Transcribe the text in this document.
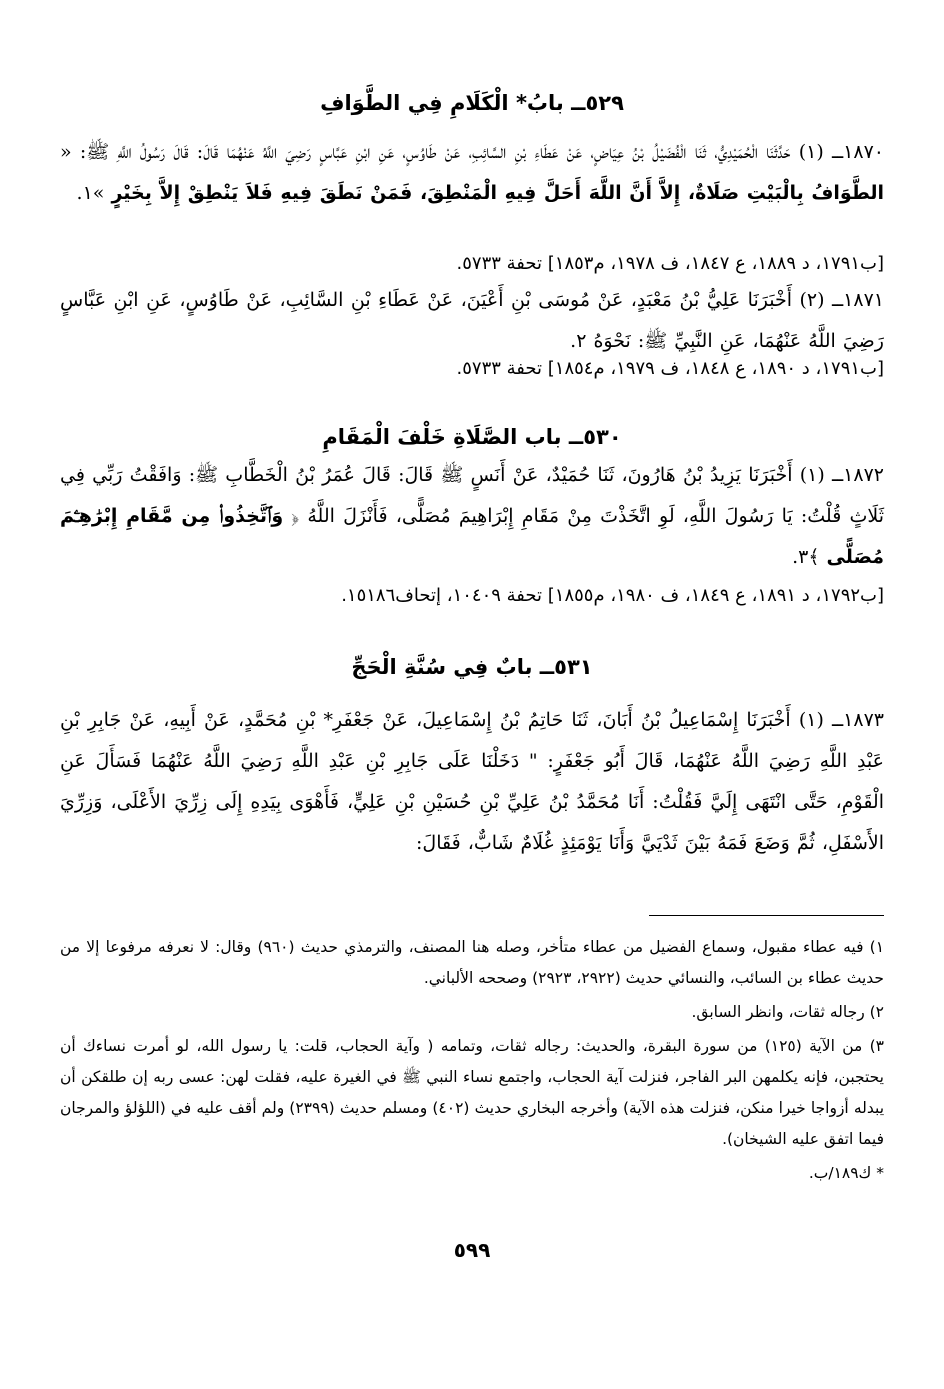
٥٢٩ــ بابُ* الْكَلَامِ فِي الطَّوَافِ
١٨٧٠ــ (١) حَدَّثَنَا الْحُمَيْدِيُّ، ثَنَا الْفُضَيْلُ بْنُ عِيَاضٍ، عَنْ عَطَاءِ بْنِ السَّائِبِ، عَنْ طَاوُسٍ، عَنِ ابْنِ عَبَّاسٍ رَضِيَ اللَّهُ عَنْهُمَا قَالَ: قَالَ رَسُولُ اللَّهِ ﷺ: « الطَّوَافُ بِالْبَيْتِ صَلَاةٌ، إِلاَّ أَنَّ اللَّهَ أَحَلَّ فِيهِ الْمَنْطِقَ، فَمَنْ نَطَقَ فِيهِ فَلاَ يَنْطِقْ إِلاَّ بِخَيْرٍ »١.
[ب١٧٩١، د ١٨٨٩، ع ١٨٤٧، ف ١٩٧٨، م١٨٥٣] تحفة ٥٧٣٣.
١٨٧١ــ (٢) أَخْبَرَنَا عَلِيُّ بْنُ مَعْبَدٍ، عَنْ مُوسَى بْنِ أَعْيَنَ، عَنْ عَطَاءِ بْنِ السَّائِبِ، عَنْ طَاوُسٍ، عَنِ ابْنِ عَبَّاسٍ رَضِيَ اللَّهُ عَنْهُمَا، عَنِ النَّبِيِّ ﷺ: نَحْوَهُ ٢.
[ب١٧٩١، د ١٨٩٠، ع ١٨٤٨، ف ١٩٧٩، م١٨٥٤] تحفة ٥٧٣٣.
٥٣٠ــ باب الصَّلَاةِ خَلْفَ الْمَقَامِ
١٨٧٢ــ (١) أَخْبَرَنَا يَزِيدُ بْنُ هَارُونَ، ثَنَا حُمَيْدٌ، عَنْ أَنَسٍ ﷺ قَالَ: قَالَ عُمَرُ بْنُ الْخَطَّابِ ﷺ: وَافَقْتُ رَبِّي فِي ثَلَاثٍ قُلْتُ: يَا رَسُولَ اللَّهِ، لَوِ اتَّخَذْتَ مِنْ مَقَامِ إِبْرَاهِيمَ مُصَلًّى، فَأَنْزَلَ اللَّهُ ﴿ وَٱتَّخِذُوا۟ مِن مَّقَامِ إِبْرَٰهِـۧمَ مُصَلًّى ﴾٣.
[ب١٧٩٢، د ١٨٩١، ع ١٨٤٩، ف ١٩٨٠، م١٨٥٥] تحفة ١٠٤٠٩، إتحاف١٥١٨٦.
٥٣١ــ بابٌ فِي سُنَّةِ الْحَجِّ
١٨٧٣ــ (١) أَخْبَرَنَا إِسْمَاعِيلُ بْنُ أَبَانَ، ثَنَا حَاتِمُ بْنُ إِسْمَاعِيلَ، عَنْ جَعْفَرِ* بْنِ مُحَمَّدٍ، عَنْ أَبِيهِ، عَنْ جَابِرِ بْنِ عَبْدِ اللَّهِ رَضِيَ اللَّهُ عَنْهُمَا، قَالَ أَبُو جَعْفَرٍ: " دَخَلْنَا عَلَى جَابِرِ بْنِ عَبْدِ اللَّهِ رَضِيَ اللَّهُ عَنْهُمَا فَسَأَلَ عَنِ الْقَوْمِ، حَتَّى انْتَهَى إِلَيَّ فَقُلْتُ: أَنَا مُحَمَّدُ بْنُ عَلِيِّ بْنِ حُسَيْنِ بْنِ عَلِيٍّ، فَأَهْوَى بِيَدِهِ إِلَى زِرِّيَ الأَعْلَى، وَزِرِّيَ الأَسْفَلِ، ثُمَّ وَضَعَ فَمَهُ بَيْنَ ثَدْيَيَّ وَأَنَا يَوْمَئِذٍ غُلَامٌ شَابٌّ، فَقَالَ:

١) فيه عطاء مقبول، وسماع الفضيل من عطاء متأخر، وصله هنا المصنف، والترمذي حديث (٩٦٠) وقال: لا نعرفه مرفوعا إلا من حديث عطاء بن السائب، والنسائي حديث (٢٩٢٢، ٢٩٢٣) وصححه الألباني.

٢) رجاله ثقات، وانظر السابق.

٣) من الآية (١٢٥) من سورة البقرة، والحديث: رجاله ثقات، وتمامه ( وآية الحجاب، قلت: يا رسول الله، لو أمرت نساءك أن يحتجبن، فإنه يكلمهن البر الفاجر، فنزلت آية الحجاب، واجتمع نساء النبي ﷺ في الغيرة عليه، فقلت لهن: عسى ربه إن طلقكن أن يبدله أزواجا خيرا منكن، فنزلت هذه الآية) وأخرجه البخاري حديث (٤٠٢) ومسلم حديث (٢٣٩٩) ولم أقف عليه في (اللؤلؤ والمرجان فيما اتفق عليه الشيخان).

* ك١٨٩/ب.

٥٩٩
